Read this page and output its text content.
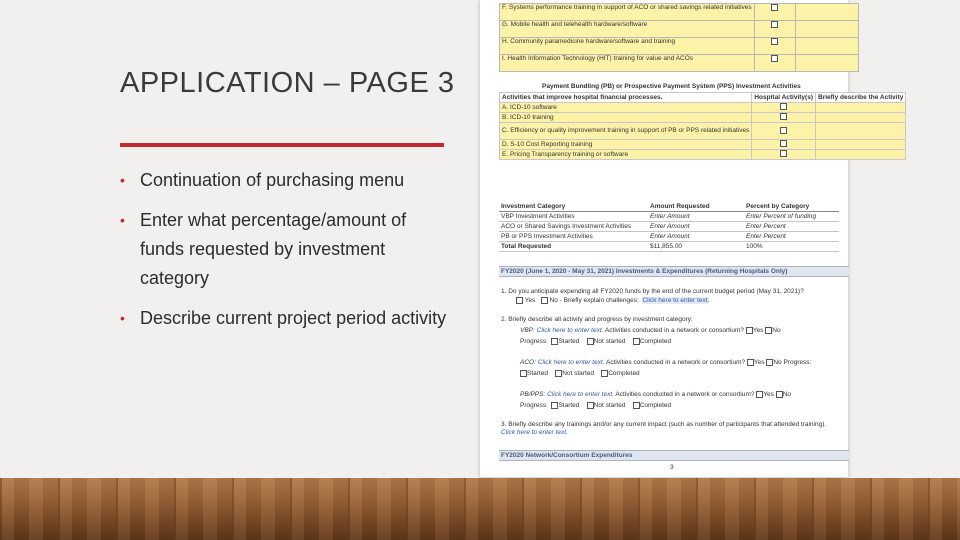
APPLICATION – PAGE 3
• Continuation of purchasing menu
• Enter what percentage/amount of funds requested by investment category
• Describe current project period activity
F. Systems performance training in support of ACO or shared savings related initiatives		
G. Mobile health and telehealth hardware/software		
H. Community paramedicine hardware/software and training		
I. Health Information Technology (HIT) training for value and ACOs		
Payment Bundling (PB) or Prospective Payment System (PPS) Investment Activities
Activities that improve hospital financial processes.	Hospital Activity(s)	Briefly describe the Activity
A. ICD-10 software		
B. ICD-10 training		
C. Efficiency or quality improvement training in support of PB or PPS related initiatives		
D. S-10 Cost Reporting training		
E. Pricing Transparency training or software		
Investment Category	Amount Requested	Percent by Category
VBP Investment Activities	Enter Amount	Enter Percent of funding
ACO or Shared Savings Investment Activities	Enter Amount	Enter Percent
PB or PPS Investment Activities	Enter Amount	Enter Percent
Total Requested	$11,855.00	100%
FY2020 (June 1, 2020 - May 31, 2021) Investments & Expenditures (Returning Hospitals Only)
1. Do you anticipate expending all FY2020 funds by the end of the current budget period (May 31, 2021)?
Yes No - Briefly explain challenges: Click here to enter text.
2. Briefly describe all activity and progress by investment category:
VBP: Click here to enter text. Activities conducted in a network or consortium? Yes No
Progress: Started Not started Completed
ACO: Click here to enter text. Activities conducted in a network or consortium? Yes No Progress:
Started Not started Completed
PB/PPS: Click here to enter text. Activities conducted in a network or consortium? Yes No
Progress: Started Not started Completed
3. Briefly describe any trainings and/or any current impact (such as number of participants that attended training). Click here to enter text.
FY2020 Network/Consortium Expenditures
3
